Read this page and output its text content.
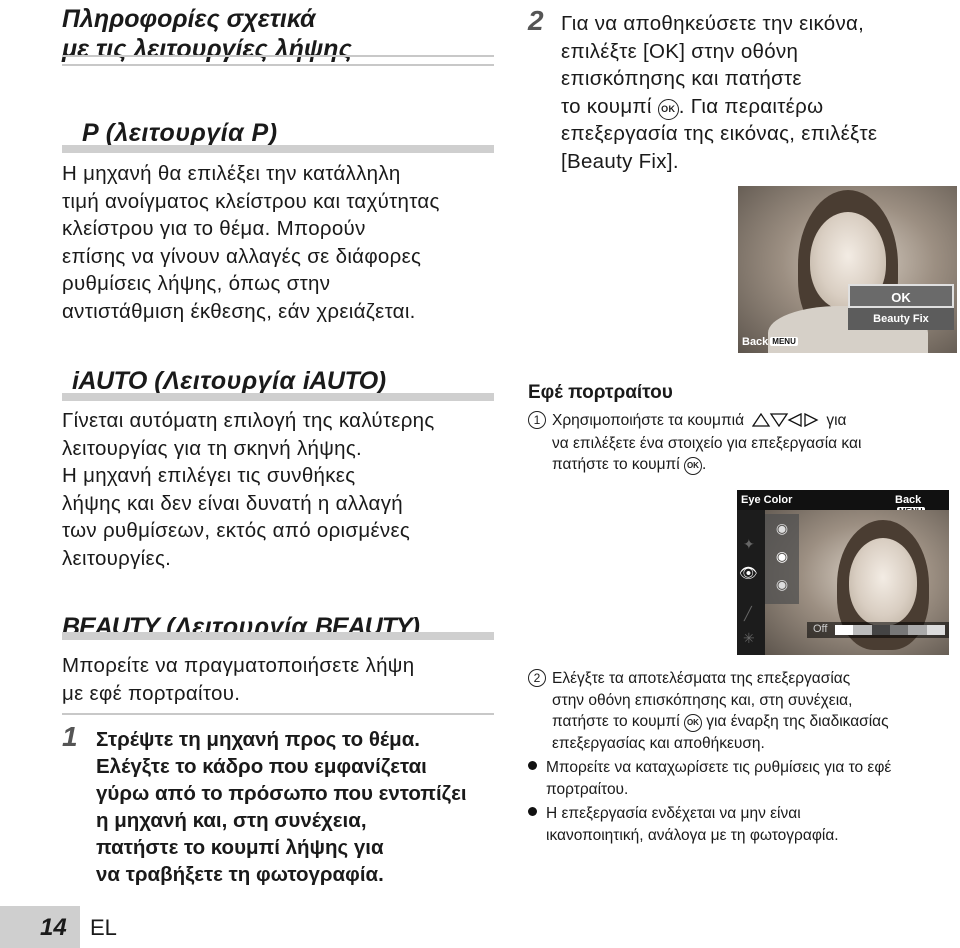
Πληροφορίες σχετικά
με τις λειτουργίες λήψης
P (λειτουργία P)
Η μηχανή θα επιλέξει την κατάλληλη
τιμή ανοίγματος κλείστρου και ταχύτητας
κλείστρου για το θέμα. Μπορούν
επίσης να γίνουν αλλαγές σε διάφορες
ρυθμίσεις λήψης, όπως στην
αντιστάθμιση έκθεσης, εάν χρειάζεται.
iAUTO (Λειτουργία iAUTO)
Γίνεται αυτόματη επιλογή της καλύτερης
λειτουργίας για τη σκηνή λήψης.
Η μηχανή επιλέγει τις συνθήκες
λήψης και δεν είναι δυνατή η αλλαγή
των ρυθμίσεων, εκτός από ορισμένες
λειτουργίες.
BEAUTY (Λειτουργία BEAUTY)
Μπορείτε να πραγματοποιήσετε λήψη
με εφέ πορτραίτου.
1 Στρέψτε τη μηχανή προς το θέμα.
Ελέγξτε το κάδρο που εμφανίζεται
γύρω από το πρόσωπο που εντοπίζει
η μηχανή και, στη συνέχεια,
πατήστε το κουμπί λήψης για
να τραβήξετε τη φωτογραφία.
14 EL
2 Για να αποθηκεύσετε την εικόνα,
επιλέξτε [OK] στην οθόνη
επισκόπησης και πατήστε
το κουμπί OK . Για περαιτέρω
επεξεργασία της εικόνας, επιλέξτε
[Beauty Fix].
OK
Beauty Fix
Back MENU
Εφέ πορτραίτου
1 Χρησιμοποιήστε τα κουμπιά	για
να επιλέξετε ένα στοιχείο για επεξεργασία και
πατήστε το κουμπί OK .
Eye Color	Back
✦
👁
╱
✳
◉
◉
◉
Off
2 Ελέγξτε τα αποτελέσματα της επεξεργασίας
στην οθόνη επισκόπησης και, στη συνέχεια,
πατήστε το κουμπί OK για έναρξη της διαδικασίας
επεξεργασίας και αποθήκευση.
Μπορείτε να καταχωρίσετε τις ρυθμίσεις για το εφέ
πορτραίτου.
Η επεξεργασία ενδέχεται να μην είναι
ικανοποιητική, ανάλογα με τη φωτογραφία.
